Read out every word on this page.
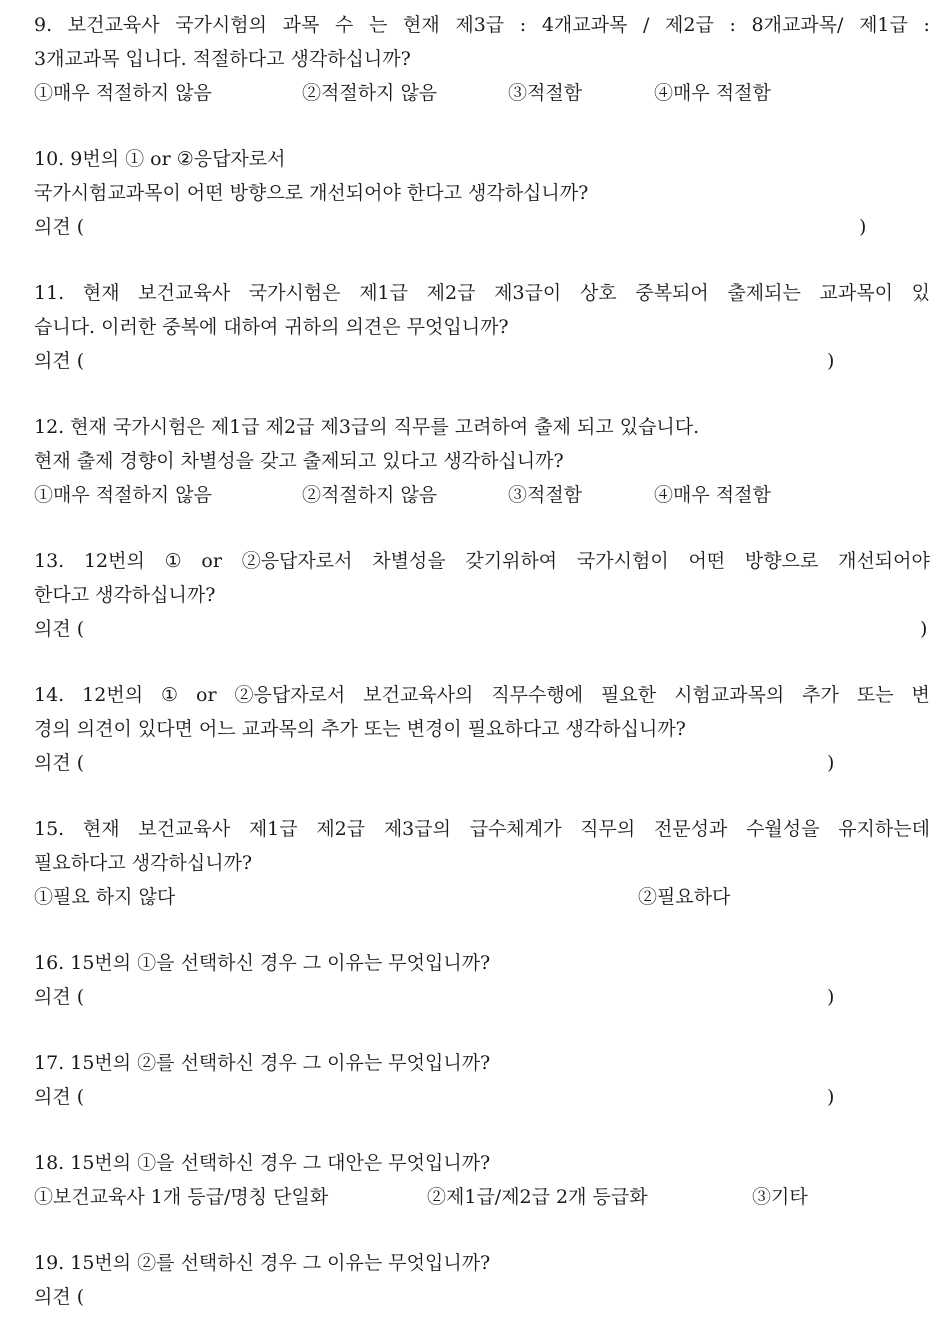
9. 보건교육사 국가시험의 과목 수 는 현재 제3급 : 4개교과목 / 제2급 : 8개교과목/ 제1급 :
3개교과목 입니다. 적절하다고 생각하십니까?
①매우 적절하지 않음	②적절하지 않음	③적절함	④매우 적절함
10. 9번의 ① or ②응답자로서
국가시험교과목이 어떤 방향으로 개선되어야 한다고 생각하십니까?
의견 (	)
11. 현재 보건교육사 국가시험은 제1급 제2급 제3급이 상호 중복되어 출제되는 교과목이 있
습니다. 이러한 중복에 대하여 귀하의 의견은 무엇입니까?
의견 (	)
12. 현재 국가시험은 제1급 제2급 제3급의 직무를 고려하여 출제 되고 있습니다.
현재 출제 경향이 차별성을 갖고 출제되고 있다고 생각하십니까?
①매우 적절하지 않음	②적절하지 않음	③적절함	④매우 적절함
13. 12번의 ① or ②응답자로서 차별성을 갖기위하여 국가시험이 어떤 방향으로 개선되어야
한다고 생각하십니까?
의견 (	)
14. 12번의 ① or ②응답자로서 보건교육사의 직무수행에 필요한 시험교과목의 추가 또는 변
경의 의견이 있다면 어느 교과목의 추가 또는 변경이 필요하다고 생각하십니까?
의견 (	)
15. 현재 보건교육사 제1급 제2급 제3급의 급수체계가 직무의 전문성과 수월성을 유지하는데
필요하다고 생각하십니까?
①필요 하지 않다	②필요하다
16. 15번의 ①을 선택하신 경우 그 이유는 무엇입니까?
의견 (	)
17. 15번의 ②를 선택하신 경우 그 이유는 무엇입니까?
의견 (	)
18. 15번의 ①을 선택하신 경우 그 대안은 무엇입니까?
①보건교육사 1개 등급/명칭 단일화	②제1급/제2급 2개 등급화	③기타
19. 15번의 ②를 선택하신 경우 그 이유는 무엇입니까?
의견 (
